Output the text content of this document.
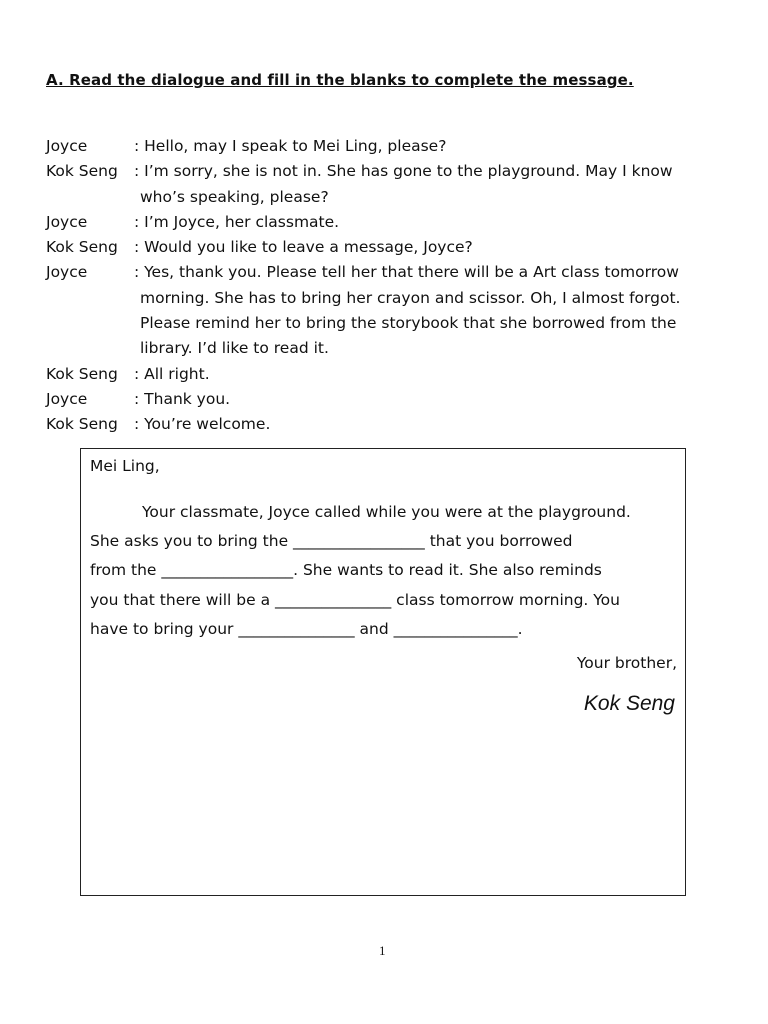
A. Read the dialogue and fill in the blanks to complete the message.
Joyce	: Hello, may I speak to Mei Ling, please?
Kok Seng	: I’m sorry, she is not in. She has gone to the playground. May I know
who’s speaking, please?
Joyce	: I’m Joyce, her classmate.
Kok Seng	: Would you like to leave a message, Joyce?
Joyce	: Yes, thank you. Please tell her that there will be a Art class tomorrow
morning. She has to bring her crayon and scissor. Oh, I almost forgot.
Please remind her to bring the storybook that she borrowed from the
library. I’d like to read it.
Kok Seng	: All right.
Joyce	: Thank you.
Kok Seng	: You’re welcome.
Mei Ling,
Your classmate, Joyce called while you were at the playground.
She asks you to bring the _________________ that you borrowed
from the _________________. She wants to read it. She also reminds
you that there will be a _______________ class tomorrow morning. You
have to bring your _______________ and ________________.
Your brother,
Kok Seng
1
